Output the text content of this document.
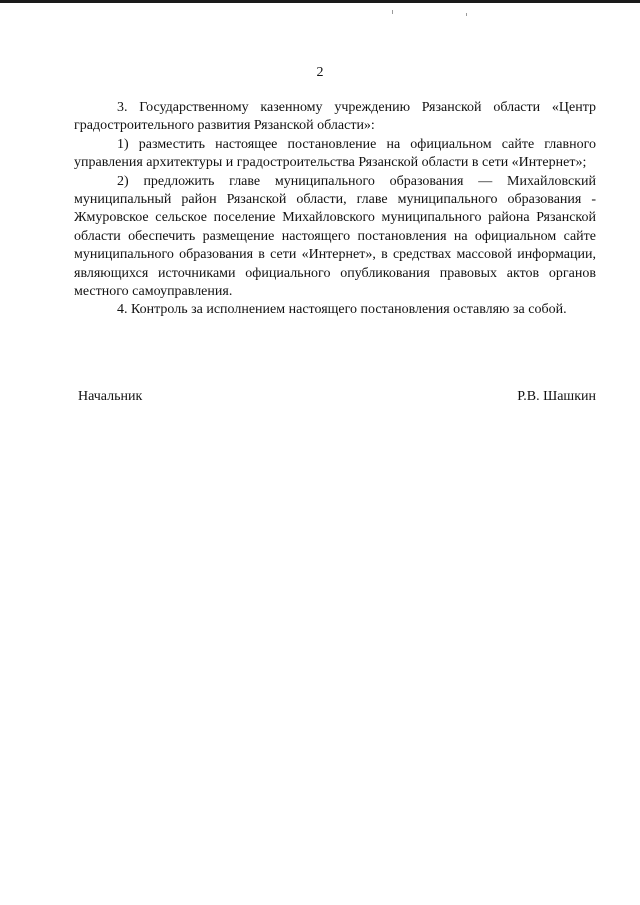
2

3. Государственному казенному учреждению Рязанской области «Центр градостроительного развития Рязанской области»:

1) разместить настоящее постановление на официальном сайте главного управления архитектуры и градостроительства Рязанской области в сети «Интернет»;

2) предложить главе муниципального образования — Михайловский муниципальный район Рязанской области, главе муниципального образования - Жмуровское сельское поселение Михайловского муниципального района Рязанской области обеспечить размещение настоящего постановления на официальном сайте муниципального образования в сети «Интернет», в средствах массовой информации, являющихся источниками официального опубликования правовых актов органов местного самоуправления.

4. Контроль за исполнением настоящего постановления оставляю за собой.

Начальник	Р.В. Шашкин
